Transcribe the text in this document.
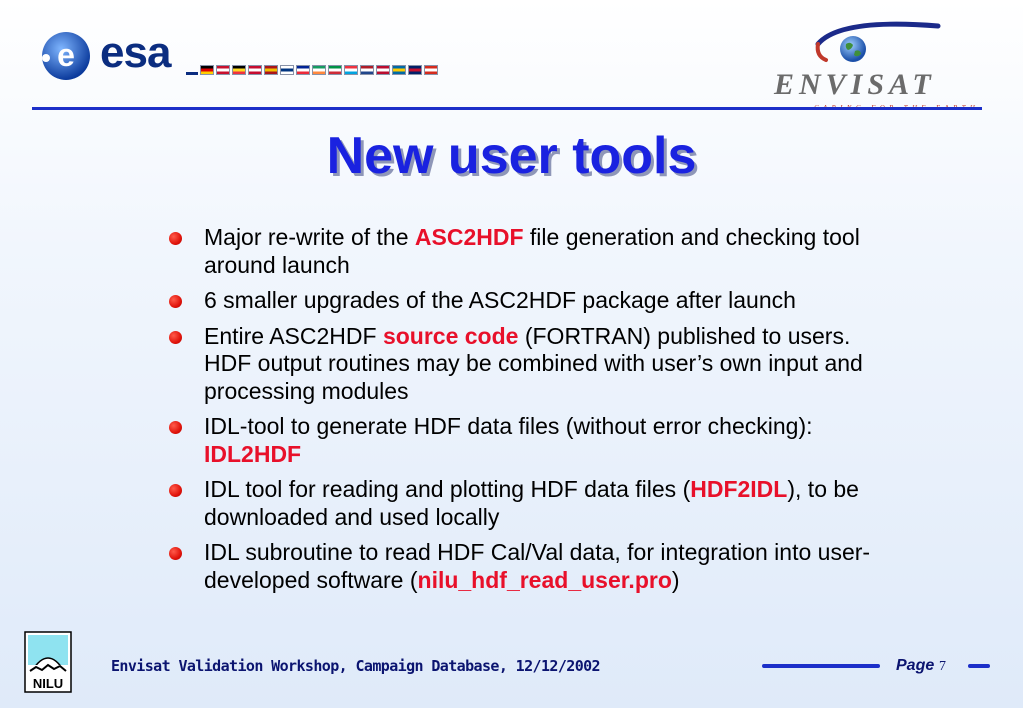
e esa
ENVISAT
New user tools
Major re-write of the ASC2HDF file generation and checking tool around launch
6 smaller upgrades of the ASC2HDF package after launch
Entire ASC2HDF source code (FORTRAN) published to users. HDF output routines may be combined with user’s own input and processing modules
IDL-tool to generate HDF data files (without error checking): IDL2HDF
IDL tool for reading and plotting HDF data files (HDF2IDL), to be downloaded and used locally
IDL subroutine to read HDF Cal/Val data, for integration into user-developed software (nilu_hdf_read_user.pro)
NILU
Envisat Validation Workshop, Campaign Database, 12/12/2002	Page 7
